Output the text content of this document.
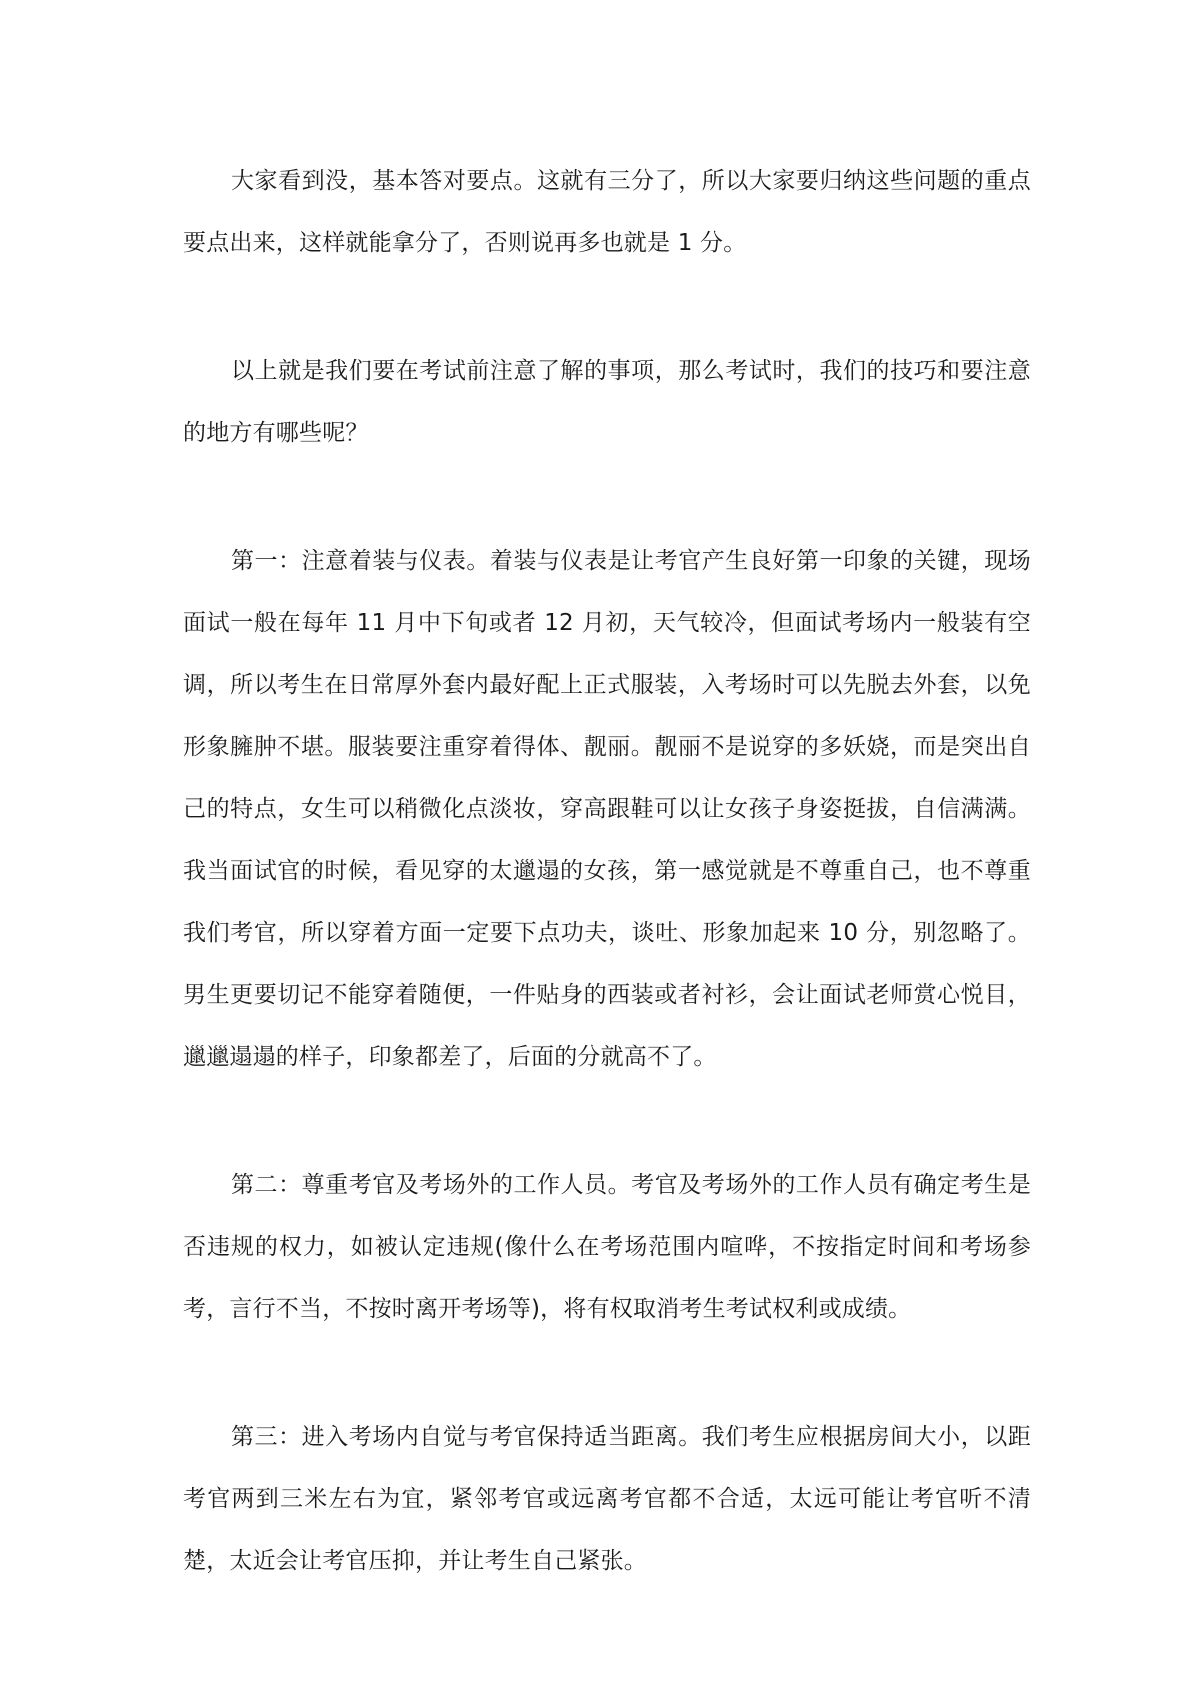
大家看到没，基本答对要点。这就有三分了，所以大家要归纳这些问题的重点要点出来，这样就能拿分了，否则说再多也就是 1 分。

以上就是我们要在考试前注意了解的事项，那么考试时，我们的技巧和要注意的地方有哪些呢？

第一：注意着装与仪表。着装与仪表是让考官产生良好第一印象的关键，现场面试一般在每年 11 月中下旬或者 12 月初，天气较冷，但面试考场内一般装有空调，所以考生在日常厚外套内最好配上正式服装，入考场时可以先脱去外套，以免形象臃肿不堪。服装要注重穿着得体、靓丽。靓丽不是说穿的多妖娆，而是突出自己的特点，女生可以稍微化点淡妆，穿高跟鞋可以让女孩子身姿挺拔，自信满满。我当面试官的时候，看见穿的太邋遢的女孩，第一感觉就是不尊重自己，也不尊重我们考官，所以穿着方面一定要下点功夫，谈吐、形象加起来 10 分，别忽略了。男生更要切记不能穿着随便，一件贴身的西装或者衬衫，会让面试老师赏心悦目，邋邋遢遢的样子，印象都差了，后面的分就高不了。

第二：尊重考官及考场外的工作人员。考官及考场外的工作人员有确定考生是否违规的权力，如被认定违规(像什么在考场范围内喧哗，不按指定时间和考场参考，言行不当，不按时离开考场等)，将有权取消考生考试权利或成绩。

第三：进入考场内自觉与考官保持适当距离。我们考生应根据房间大小，以距考官两到三米左右为宜，紧邻考官或远离考官都不合适，太远可能让考官听不清楚，太近会让考官压抑，并让考生自己紧张。
